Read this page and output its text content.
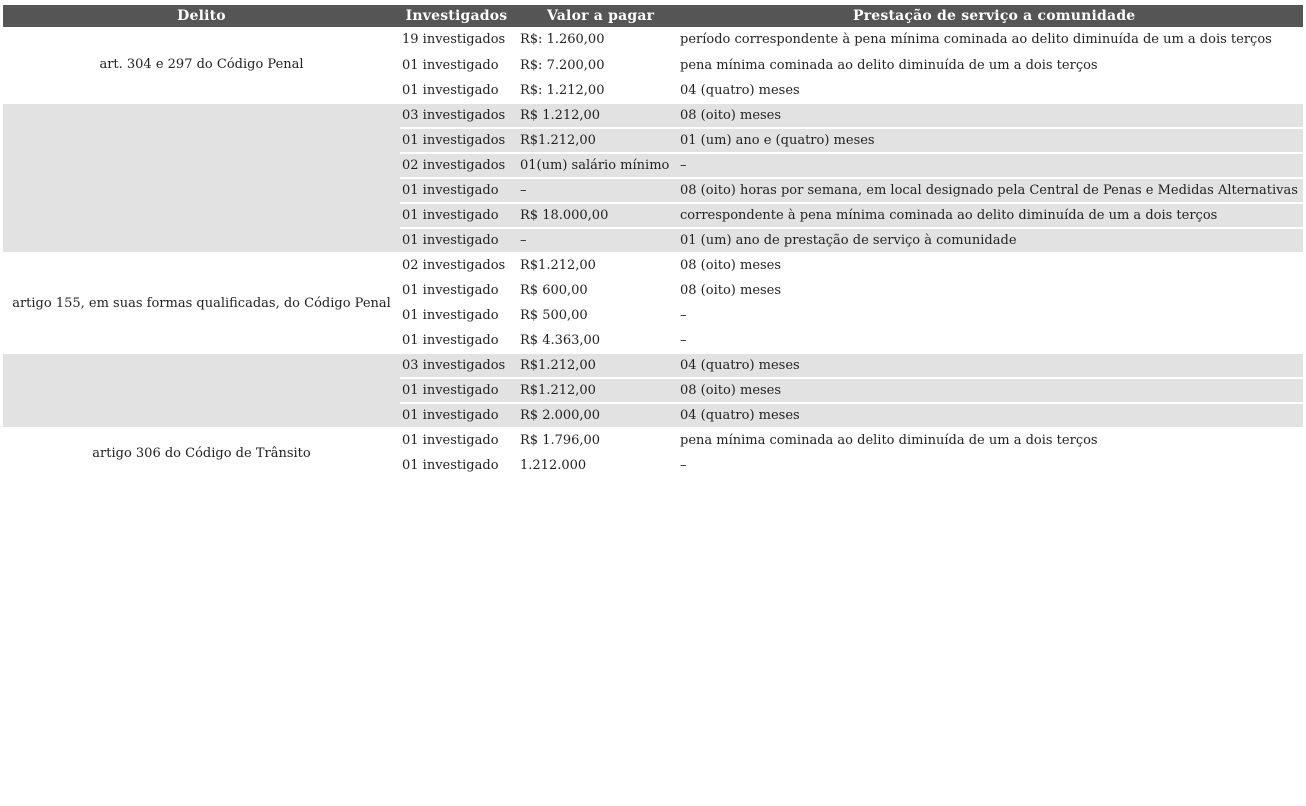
Delito	Investigados	Valor a pagar	Prestação de serviço a comunidade
art. 304 e 297 do Código Penal	19 investigados	R$: 1.260,00	período correspondente à pena mínima cominada ao delito diminuída de um a dois terços
	01 investigado	R$: 7.200,00	pena mínima cominada ao delito diminuída de um a dois terços
	01 investigado	R$: 1.212,00	04 (quatro) meses
	03 investigados	R$ 1.212,00	08 (oito) meses
	01 investigados	R$1.212,00	01 (um) ano e (quatro) meses
	02 investigados	01(um) salário mínimo	–
	01 investigado	–	08 (oito) horas por semana, em local designado pela Central de Penas e Medidas Alternativas
	01 investigado	R$ 18.000,00	correspondente à pena mínima cominada ao delito diminuída de um a dois terços
	01 investigado	–	01 (um) ano de prestação de serviço à comunidade
artigo 155, em suas formas qualificadas, do Código Penal	02 investigados	R$1.212,00	08 (oito) meses
	01 investigado	R$ 600,00	08 (oito) meses
	01 investigado	R$ 500,00	–
	01 investigado	R$ 4.363,00	–
	03 investigados	R$1.212,00	04 (quatro) meses
	01 investigado	R$1.212,00	08 (oito) meses
	01 investigado	R$ 2.000,00	04 (quatro) meses
artigo 306 do Código de Trânsito	01 investigado	R$ 1.796,00	pena mínima cominada ao delito diminuída de um a dois terços
	01 investigado	1.212.000	–
